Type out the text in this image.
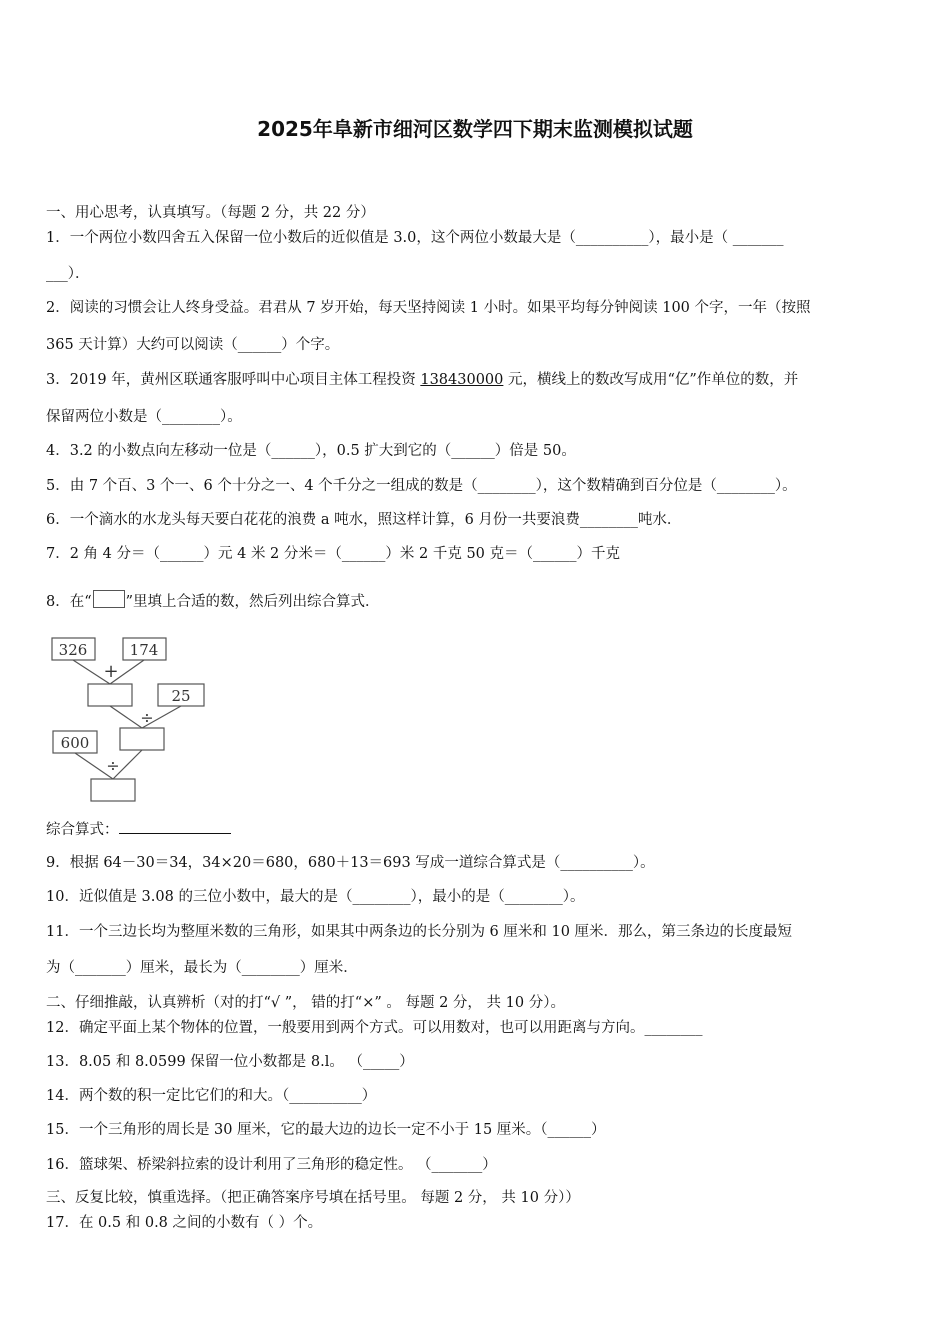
2025年阜新市细河区数学四下期末监测模拟试题
一、用心思考，认真填写。（每题 2 分，共 22 分）
1．一个两位小数四舍五入保留一位小数后的近似值是 3.0，这个两位小数最大是（__________），最小是（ _______
___）．
2．阅读的习惯会让人终身受益。君君从 7 岁开始，每天坚持阅读 1 小时。如果平均每分钟阅读 100 个字，一年（按照
365 天计算）大约可以阅读（______）个字。
3．2019 年，黄州区联通客服呼叫中心项目主体工程投资 138430000 元，横线上的数改写成用“亿”作单位的数，并
保留两位小数是（________）。
4．3.2 的小数点向左移动一位是（______），0.5 扩大到它的（______）倍是 50。
5．由 7 个百、3 个一、6 个十分之一、4 个千分之一组成的数是（________），这个数精确到百分位是（________）。
6．一个滴水的水龙头每天要白花花的浪费 a 吨水，照这样计算，6 月份一共要浪费________吨水．
7．2 角 4 分＝（______）元 4 米 2 分米＝（______）米 2 千克 50 克＝（______）千克
8．在“ ”里填上合适的数，然后列出综合算式．
326	174
+
25
÷
600
÷
综合算式：
9．根据 64－30＝34，34×20＝680，680＋13＝693 写成一道综合算式是（__________）。
10．近似值是 3.08 的三位小数中，最大的是（________），最小的是（________）。
11．一个三边长均为整厘米数的三角形，如果其中两条边的长分别为 6 厘米和 10 厘米．那么，第三条边的长度最短
为（_______）厘米，最长为（________）厘米．
二、仔细推敲，认真辨析（对的打“√ ”， 错的打“×” 。 每题 2 分， 共 10 分）。
12．确定平面上某个物体的位置，一般要用到两个方式。可以用数对，也可以用距离与方向。________
13．8.05 和 8.0599 保留一位小数都是 8.l。 （_____）
14．两个数的积一定比它们的和大。（__________）
15．一个三角形的周长是 30 厘米，它的最大边的边长一定不小于 15 厘米。（______）
16．篮球架、桥梁斜拉索的设计利用了三角形的稳定性。 （_______）
三、反复比较，慎重选择。（把正确答案序号填在括号里。 每题 2 分， 共 10 分））
17．在 0.5 和 0.8 之间的小数有（ ）个。
